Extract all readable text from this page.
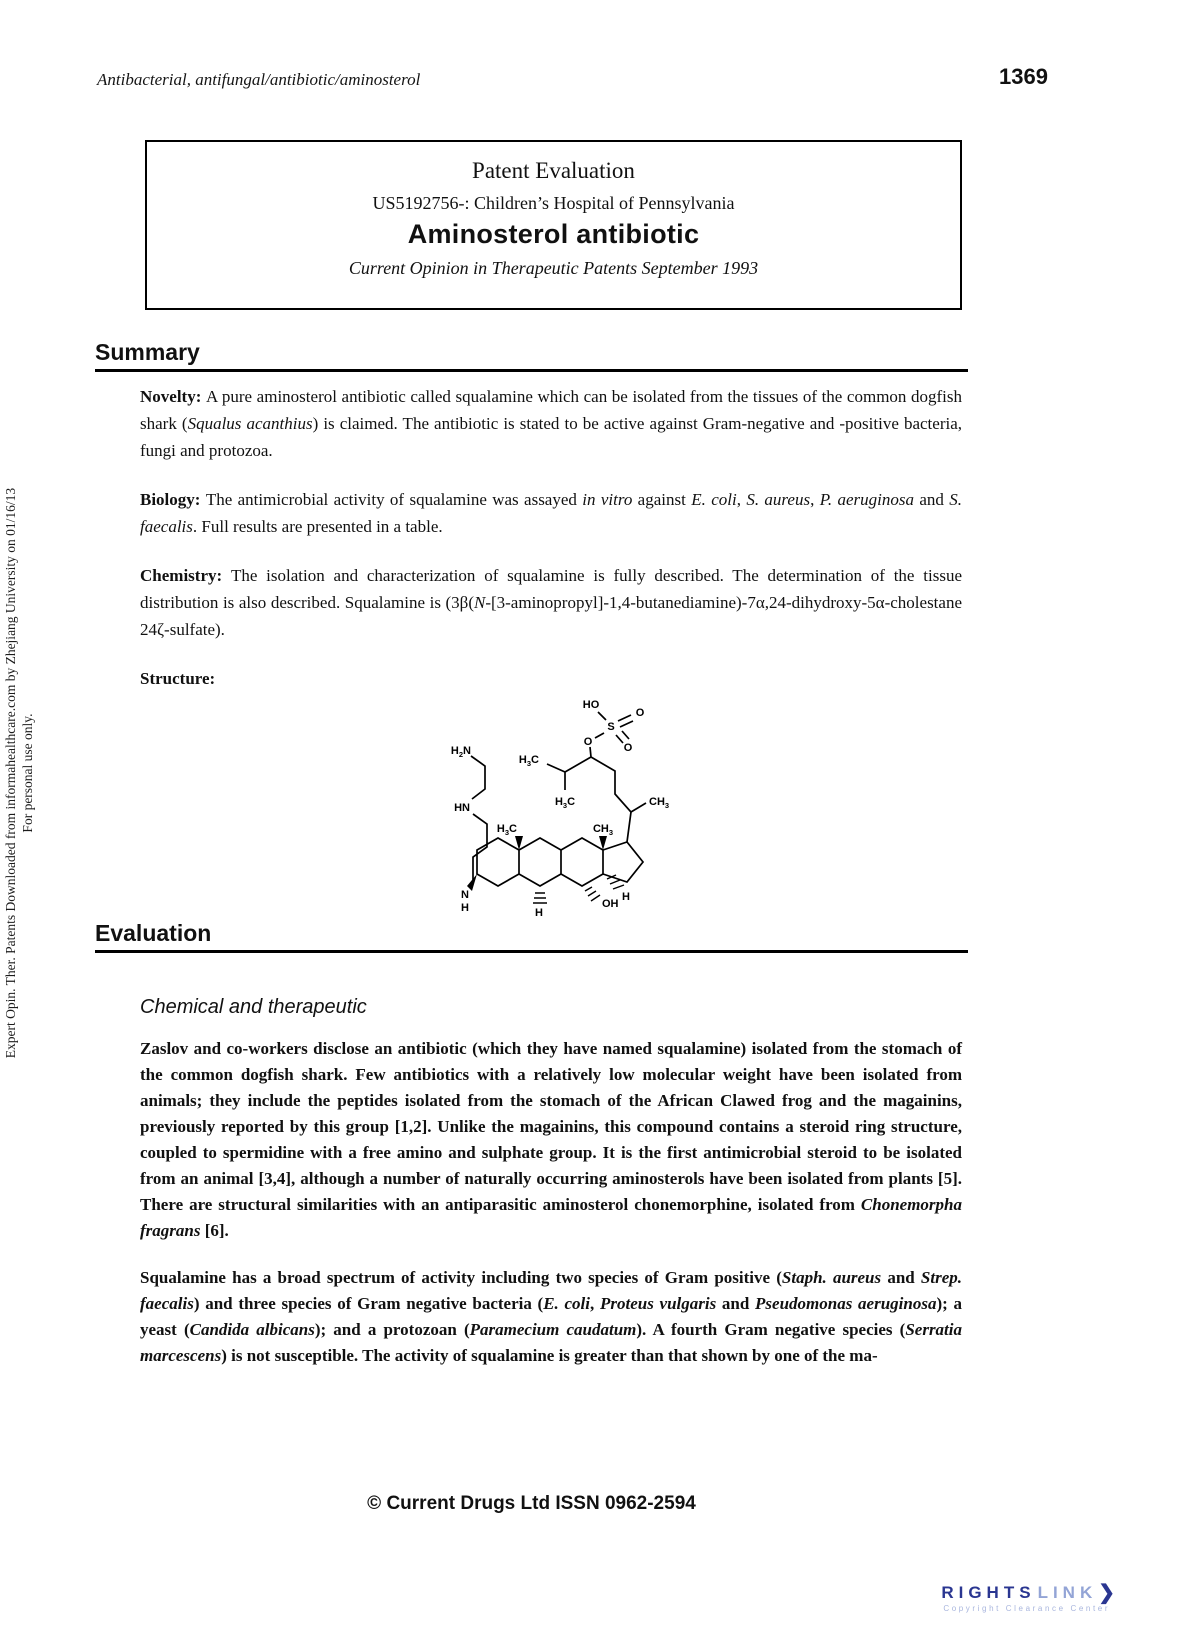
Antibacterial, antifungal/antibiotic/aminosterol	1369
Expert Opin. Ther. Patents Downloaded from informahealthcare.com by Zhejiang University on 01/16/13 For personal use only.
Patent Evaluation
US5192756-: Children’s Hospital of Pennsylvania
Aminosterol antibiotic
Current Opinion in Therapeutic Patents September 1993
Summary

Novelty: A pure aminosterol antibiotic called squalamine which can be isolated from the tissues of the common dogfish shark (Squalus acanthius) is claimed. The antibiotic is stated to be active against Gram-negative and -positive bacteria, fungi and protozoa.

Biology: The antimicrobial activity of squalamine was assayed in vitro against E. coli, S. aureus, P. aeruginosa and S. faecalis. Full results are presented in a table.

Chemistry: The isolation and characterization of squalamine is fully described. The determination of the tissue distribution is also described. Squalamine is (3β(N-[3-aminopropyl]-1,4-butanediamine)-7α,24-dihydroxy-5α-cholestane 24ζ-sulfate).

Structure:

HO
O
S
O
O
$H_3C$
$H_3C$	$CH_3$
$CH_3$
$H_3C$
$H_2N$
HN
N
H
H
H
OH
Evaluation
Chemical and therapeutic

Zaslov and co-workers disclose an antibiotic (which they have named squalamine) isolated from the stomach of the common dogfish shark. Few antibiotics with a relatively low molecular weight have been isolated from animals; they include the peptides isolated from the stomach of the African Clawed frog and the magainins, previously reported by this group [1,2]. Unlike the magainins, this compound contains a steroid ring structure, coupled to spermidine with a free amino and sulphate group. It is the first antimicrobial steroid to be isolated from an animal [3,4], although a number of naturally occurring aminosterols have been isolated from plants [5]. There are structural similarities with an antiparasitic aminosterol chonemorphine, isolated from Chonemorpha fragrans [6].

Squalamine has a broad spectrum of activity including two species of Gram positive (Staph. aureus and Strep. faecalis) and three species of Gram negative bacteria (E. coli, Proteus vulgaris and Pseudomonas aeruginosa); a yeast (Candida albicans); and a protozoan (Paramecium caudatum). A fourth Gram negative species (Serratia marcescens) is not susceptible. The activity of squalamine is greater than that shown by one of the ma-

© Current Drugs Ltd ISSN 0962-2594
RIGHTS LINK ❯
Copyright Clearance Center
